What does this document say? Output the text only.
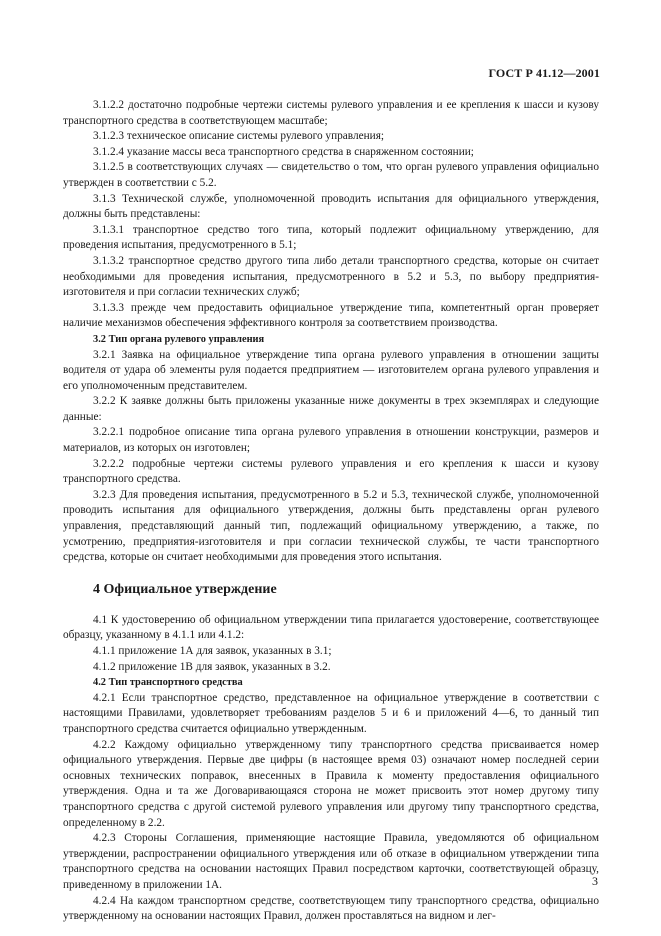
ГОСТ Р 41.12—2001

3.1.2.2 достаточно подробные чертежи системы рулевого управления и ее крепления к шасси и кузову транспортного средства в соответствующем масштабе;

3.1.2.3 техническое описание системы рулевого управления;

3.1.2.4 указание массы веса транспортного средства в снаряженном состоянии;

3.1.2.5 в соответствующих случаях — свидетельство о том, что орган рулевого управления официально утвержден в соответствии с 5.2.

3.1.3 Технической службе, уполномоченной проводить испытания для официального утверждения, должны быть представлены:

3.1.3.1 транспортное средство того типа, который подлежит официальному утверждению, для проведения испытания, предусмотренного в 5.1;

3.1.3.2 транспортное средство другого типа либо детали транспортного средства, которые он считает необходимыми для проведения испытания, предусмотренного в 5.2 и 5.3, по выбору предприятия-изготовителя и при согласии технических служб;

3.1.3.3 прежде чем предоставить официальное утверждение типа, компетентный орган проверяет наличие механизмов обеспечения эффективного контроля за соответствием производства.

3.2 Тип органа рулевого управления

3.2.1 Заявка на официальное утверждение типа органа рулевого управления в отношении защиты водителя от удара об элементы руля подается предприятием — изготовителем органа рулевого управления и его уполномоченным представителем.

3.2.2 К заявке должны быть приложены указанные ниже документы в трех экземплярах и следующие данные:

3.2.2.1 подробное описание типа органа рулевого управления в отношении конструкции, размеров и материалов, из которых он изготовлен;

3.2.2.2 подробные чертежи системы рулевого управления и его крепления к шасси и кузову транспортного средства.

3.2.3 Для проведения испытания, предусмотренного в 5.2 и 5.3, технической службе, уполномоченной проводить испытания для официального утверждения, должны быть представлены орган рулевого управления, представляющий данный тип, подлежащий официальному утверждению, а также, по усмотрению, предприятия-изготовителя и при согласии технической службы, те части транспортного средства, которые он считает необходимыми для проведения этого испытания.

4 Официальное утверждение

4.1 К удостоверению об официальном утверждении типа прилагается удостоверение, соответствующее образцу, указанному в 4.1.1 или 4.1.2:

4.1.1 приложение 1А для заявок, указанных в 3.1;

4.1.2 приложение 1В для заявок, указанных в 3.2.

4.2 Тип транспортного средства

4.2.1 Если транспортное средство, представленное на официальное утверждение в соответствии с настоящими Правилами, удовлетворяет требованиям разделов 5 и 6 и приложений 4—6, то данный тип транспортного средства считается официально утвержденным.

4.2.2 Каждому официально утвержденному типу транспортного средства присваивается номер официального утверждения. Первые две цифры (в настоящее время 03) означают номер последней серии основных технических поправок, внесенных в Правила к моменту предоставления официального утверждения. Одна и та же Договаривающаяся сторона не может присвоить этот номер другому типу транспортного средства с другой системой рулевого управления или другому типу транспортного средства, определенному в 2.2.

4.2.3 Стороны Соглашения, применяющие настоящие Правила, уведомляются об официальном утверждении, распространении официального утверждения или об отказе в официальном утверждении типа транспортного средства на основании настоящих Правил посредством карточки, соответствующей образцу, приведенному в приложении 1А.

4.2.4 На каждом транспортном средстве, соответствующем типу транспортного средства, официально утвержденному на основании настоящих Правил, должен проставляться на видном и лег-

3
